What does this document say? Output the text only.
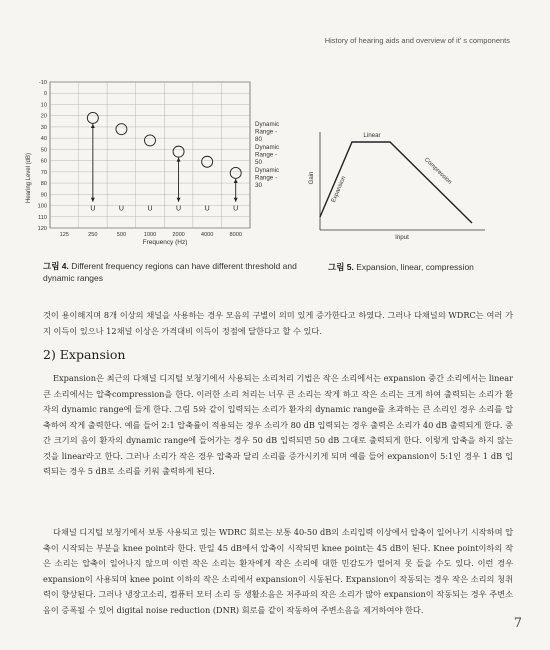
History of hearing aids and overview of it' s components
-10
0
10
20
30
40
50
60
70
80
90
100
110
120
125	250	500	1000	2000	4000	8000
U	U	U	U	U	U
Hearing Level (dB)
Frequency (Hz)
Dynamic
Range -
80
Dynamic
Range -
50
Dynamic
Range -
30
Gain
Input
Linear
Expansion
Compression
그림 4. Different frequency regions can have different threshold and dynamic ranges
그림 5. Expansion, linear, compression

것이 용이해지며 8개 이상의 채널을 사용하는 경우 모음의 구별이 의미 있게 증가한다고 하였다. 그러나 다채널의 WDRC는 여러 가지 이득이 있으나 12채널 이상은 가격대비 이득이 정점에 달한다고 할 수 있다.

2) Expansion

Expansion은 최근의 다채널 디지털 보청기에서 사용되는 소리처리 기법은 작은 소리에서는 expansion 중간 소리에서는 linear 큰 소리에서는 압축compression을 한다. 이러한 소리 처리는 너무 큰 소리는 작게 하고 작은 소리는 크게 하여 출력되는 소리가 환자의 dynamic range에 들게 한다. 그림 5와 같이 입력되는 소리가 환자의 dynamic range를 초과하는 큰 소리인 경우 소리를 압축하여 작게 출력한다. 예를 들어 2:1 압축률이 적용되는 경우 소리가 80 dB 입력되는 경우 출력은 소리가 40 dB 출력되게 한다. 중간 크기의 음이 환자의 dynamic range에 들어가는 경우 50 dB 입력되면 50 dB 그대로 출력되게 한다. 이렇게 압축을 하지 않는 것을 linear라고 한다. 그러나 소리가 작은 경우 압축과 달리 소리를 증가시키게 되며 예를 들어 expansion이 5:1인 경우 1 dB 입력되는 경우 5 dB로 소리를 키워 출력하게 된다.

다채널 디지털 보청기에서 보통 사용되고 있는 WDRC 회로는 보통 40-50 dB의 소리입력 이상에서 압축이 일어나기 시작하며 압축이 시작되는 부분을 knee point라 한다. 만일 45 dB에서 압축이 시작되면 knee point는 45 dB이 된다. Knee point이하의 작은 소리는 압축이 일어나지 않으며 이런 작은 소리는 환자에게 작은 소리에 대한 민감도가 떨어져 못 들을 수도 있다. 이런 경우 expansion이 사용되며 knee point 이하의 작은 소리에서 expansion이 시동된다. Expansion이 작동되는 경우 작은 소리의 청취력이 향상된다. 그러나 냉장고소리, 컴퓨터 모터 소리 등 생활소음은 저주파의 작은 소리가 많아 expansion이 작동되는 경우 주변소음이 증폭될 수 있어 digital noise reduction (DNR) 회로를 같이 작동하여 주변소음을 제거하여야 한다.

7
